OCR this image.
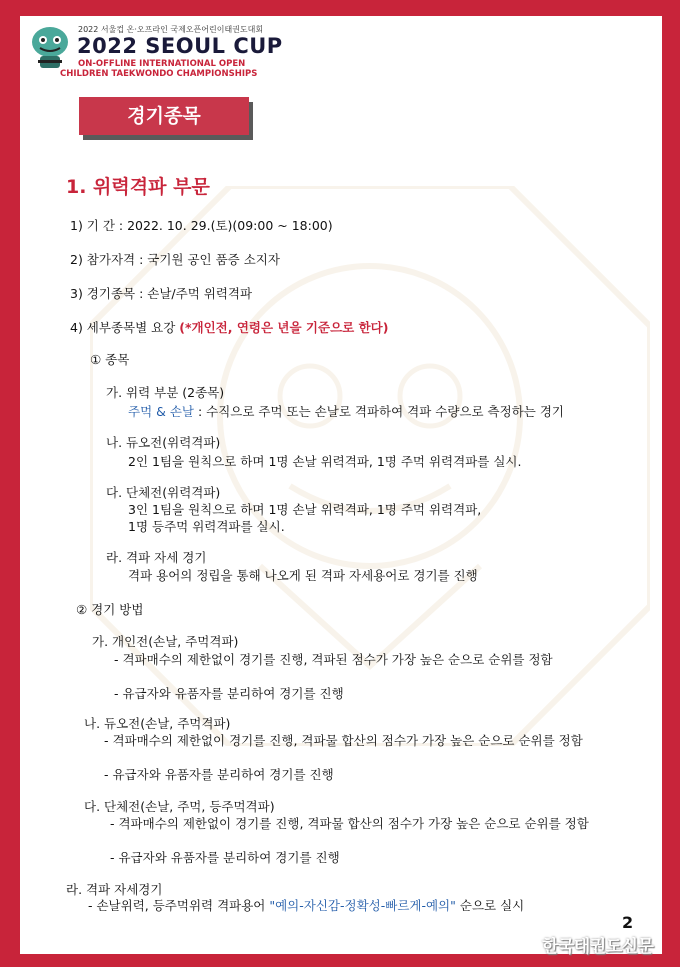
2022 서울컵 온·오프라인 국제오픈어린이태권도대회
2022 SEOUL CUP
ON-OFFLINE INTERNATIONAL OPEN
CHILDREN TAEKWONDO CHAMPIONSHIPS
경기종목
1. 위력격파 부문
1) 기 간 : 2022. 10. 29.(토)(09:00 ~ 18:00)
2) 참가자격 : 국기원 공인 품증 소지자
3) 경기종목 : 손날/주먹 위력격파
4) 세부종목별 요강 (*개인전, 연령은 년을 기준으로 한다)
① 종목
가. 위력 부분 (2종목)
주먹 & 손날 : 수직으로 주먹 또는 손날로 격파하여 격파 수량으로 측정하는 경기
나. 듀오전(위력격파)
2인 1팀을 원칙으로 하며 1명 손날 위력격파, 1명 주먹 위력격파를 실시.
다. 단체전(위력격파)
3인 1팀을 원칙으로 하며 1명 손날 위력격파, 1명 주먹 위력격파,
1명 등주먹 위력격파를 실시.
라. 격파 자세 경기
격파 용어의 정립을 통해 나오게 된 격파 자세용어로 경기를 진행
② 경기 방법
가. 개인전(손날, 주먹격파)
- 격파매수의 제한없이 경기를 진행, 격파된 점수가 가장 높은 순으로 순위를 정함
- 유급자와 유품자를 분리하여 경기를 진행
나. 듀오전(손날, 주먹격파)
- 격파매수의 제한없이 경기를 진행, 격파물 합산의 점수가 가장 높은 순으로 순위를 정함
- 유급자와 유품자를 분리하여 경기를 진행
다. 단체전(손날, 주먹, 등주먹격파)
- 격파매수의 제한없이 경기를 진행, 격파물 합산의 점수가 가장 높은 순으로 순위를 정함
- 유급자와 유품자를 분리하여 경기를 진행
라. 격파 자세경기
- 손날위력, 등주먹위력 격파용어 "예의-자신감-정확성-빠르게-예의" 순으로 실시
2
한국태권도신문
